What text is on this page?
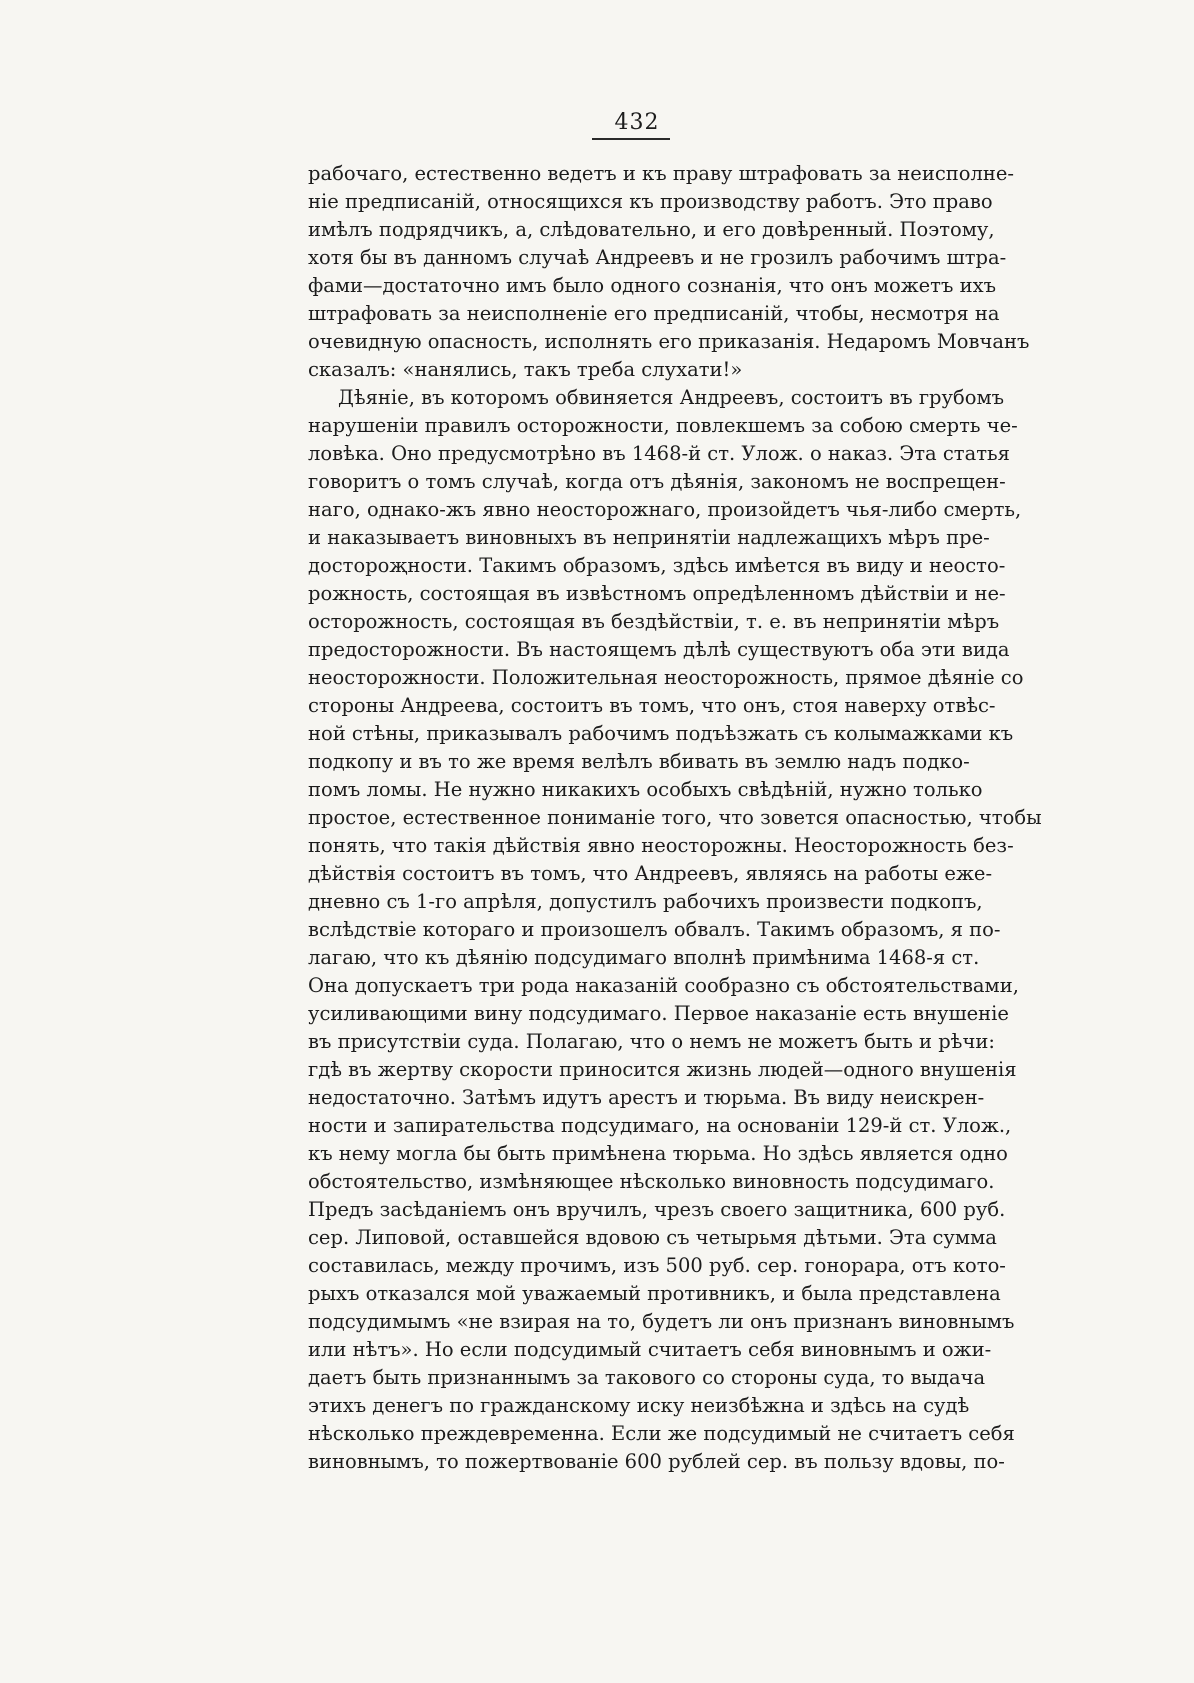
432
рабочаго, естественно ведетъ и къ праву штрафовать за неисполне-
ніе предписаній, относящихся къ производству работъ. Это право
имѣлъ подрядчикъ, а, слѣдовательно, и его довѣренный. Поэтому,
хотя бы въ данномъ случаѣ Андреевъ и не грозилъ рабочимъ штра-
фами—достаточно имъ было одного сознанія, что онъ можетъ ихъ
штрафовать за неисполненіе его предписаній, чтобы, несмотря на
очевидную опасность, исполнять его приказанія. Недаромъ Мовчанъ
сказалъ: «нанялись, такъ треба слухати!»
Дѣяніе, въ которомъ обвиняется Андреевъ, состоитъ въ грубомъ
нарушеніи правилъ осторожности, повлекшемъ за собою смерть че-
ловѣка. Оно предусмотрѣно въ 1468-й ст. Улож. о наказ. Эта статья
говоритъ о томъ случаѣ, когда отъ дѣянія, закономъ не воспрещен-
наго, однако-жъ явно неосторожнаго, произойдетъ чья-либо смерть,
и наказываетъ виновныхъ въ непринятіи надлежащихъ мѣръ пре-
достороҗности. Такимъ образомъ, здѣсь имѣется въ виду и неосто-
рожность, состоящая въ извѣстномъ опредѣленномъ дѣйствіи и не-
осторожность, состоящая въ бездѣйствіи, т. е. въ непринятіи мѣръ
предосторожности. Въ настоящемъ дѣлѣ существуютъ оба эти вида
неосторожности. Положительная неосторожность, прямое дѣяніе со
стороны Андреева, состоитъ въ томъ, что онъ, стоя наверху отвѣс-
ной стѣны, приказывалъ рабочимъ подъѣзжать съ колымажками къ
подкопу и въ то же время велѣлъ вбивать въ землю надъ подко-
помъ ломы. Не нужно никакихъ особыхъ свѣдѣній, нужно только
простое, естественное пониманіе того, что зовется опасностью, чтобы
понять, что такія дѣйствія явно неосторожны. Неосторожность без-
дѣйствія состоитъ въ томъ, что Андреевъ, являясь на работы еже-
дневно съ 1-го апрѣля, допустилъ рабочихъ произвести подкопъ,
вслѣдствіе котораго и произошелъ обвалъ. Такимъ образомъ, я по-
лагаю, что къ дѣянію подсудимаго вполнѣ примѣнима 1468-я ст.
Она допускаетъ три рода наказаній сообразно съ обстоятельствами,
усиливающими вину подсудимаго. Первое наказаніе есть внушеніе
въ присутствіи суда. Полагаю, что о немъ не можетъ быть и рѣчи:
гдѣ въ жертву скорости приносится жизнь людей—одного внушенія
недостаточно. Затѣмъ идутъ арестъ и тюрьма. Въ виду неискрен-
ности и запирательства подсудимаго, на основаніи 129-й ст. Улож.,
къ нему могла бы быть примѣнена тюрьма. Но здѣсь является одно
обстоятельство, измѣняющее нѣсколько виновность подсудимаго.
Предъ засѣданіемъ онъ вручилъ, чрезъ своего защитника, 600 руб.
сер. Липовой, оставшейся вдовою съ четырьмя дѣтьми. Эта сумма
составилась, между прочимъ, изъ 500 руб. сер. гонорара, отъ кото-
рыхъ отказался мой уважаемый противникъ, и была представлена
подсудимымъ «не взирая на то, будетъ ли онъ признанъ виновнымъ
или нѣтъ». Но если подсудимый считаетъ себя виновнымъ и ожи-
даетъ быть признаннымъ за такового со стороны суда, то выдача
этихъ денегъ по гражданскому иску неизбѣжна и здѣсь на судѣ
нѣсколько преждевременна. Если же подсудимый не считаетъ себя
виновнымъ, то пожертвованіе 600 рублей сер. въ пользу вдовы, по-
